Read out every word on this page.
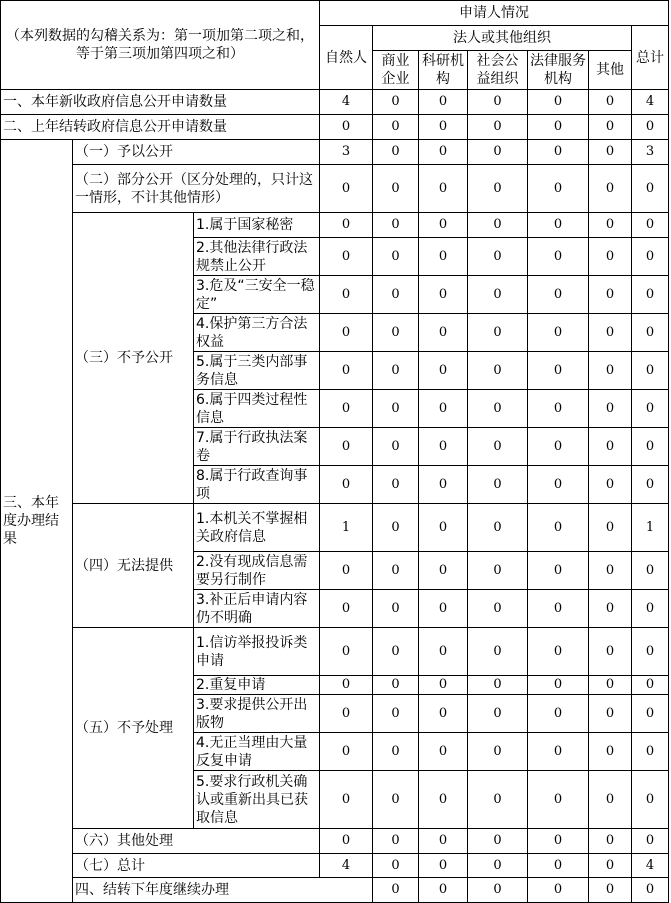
（本列数据的勾稽关系为：第一项加第二项之和，等于第三项加第四项之和）			申请人情况							
			自然人	法人或其他组织					总计	
				商业企业	科研机构	社会公益组织	法律服务机构	其他		
一、本年新收政府信息公开申请数量			4	0	0	0	0	0	4	
二、上年结转政府信息公开申请数量			0	0	0	0	0	0	0	
三、本年度办理结果	（一）予以公开		3	0	0	0	0	0	3	
	（二）部分公开（区分处理的，只计这一情形，不计其他情形）		0	0	0	0	0	0	0	
	（三）不予公开	1.属于国家秘密	0	0	0	0	0	0	0	
		2.其他法律行政法规禁止公开	0	0	0	0	0	0	0	
		3.危及“三安全一稳定”	0	0	0	0	0	0	0	
		4.保护第三方合法权益	0	0	0	0	0	0	0	
		5.属于三类内部事务信息	0	0	0	0	0	0	0	
		6.属于四类过程性信息	0	0	0	0	0	0	0	
		7.属于行政执法案卷	0	0	0	0	0	0	0	
		8.属于行政查询事项	0	0	0	0	0	0	0	
	（四）无法提供	1.本机关不掌握相关政府信息	1	0	0	0	0	0	1	
		2.没有现成信息需要另行制作	0	0	0	0	0	0	0	
		3.补正后申请内容仍不明确	0	0	0	0	0	0	0	
	（五）不予处理	1.信访举报投诉类申请	0	0	0	0	0	0	0	
		2.重复申请	0	0	0	0	0	0	0	
		3.要求提供公开出版物	0	0	0	0	0	0	0	
		4.无正当理由大量反复申请	0	0	0	0	0	0	0	
		5.要求行政机关确认或重新出具已获取信息	0	0	0	0	0	0	0	
	（六）其他处理		0	0	0	0	0	0	0	
	（七）总计		4	0	0	0	0	0	4	
	四、结转下年度继续办理			0	0	0	0	0	0	
